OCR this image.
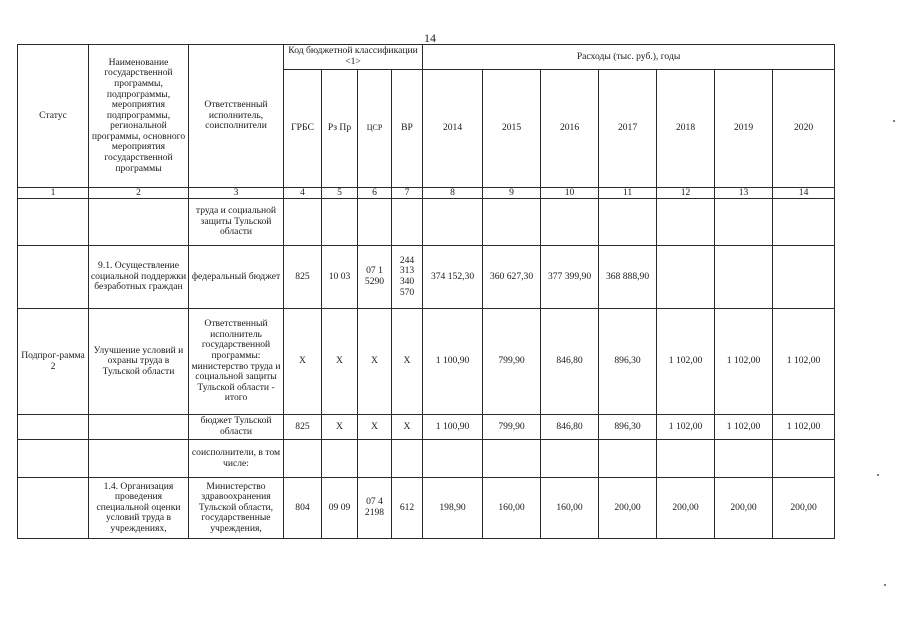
14
Статус	Наименование государственной программы, подпрограммы, мероприятия подпрограммы, региональной программы, основного мероприятия государственной программы	Ответственный исполнитель, соисполнители	Код бюджетной классификации <1>				Расходы (тыс. руб.), годы						
			ГРБС	Рз Пр	ЦСР	ВР	2014	2015	2016	2017	2018	2019	2020
1	2	3	4	5	6	7	8	9	10	11	12	13	14
		труда и социальной защиты Тульской области											
	9.1. Осуществление социальной поддержки безработных граждан	федеральный бюджет	825	10 03	07 1 5290	244 313 340 570	374 152,30	360 627,30	377 399,90	368 888,90			
Подпрог-рамма 2	Улучшение условий и охраны труда в Тульской области	Ответственный исполнитель государственной программы: министерство труда и социальной защиты Тульской области - итого	X	X	X	X	1 100,90	799,90	846,80	896,30	1 102,00	1 102,00	1 102,00
		бюджет Тульской области	825	X	X	X	1 100,90	799,90	846,80	896,30	1 102,00	1 102,00	1 102,00
		соисполнители, в том числе:											
	1.4. Организация проведения специальной оценки условий труда в учреждениях,	Министерство здравоохранения Тульской области, государственные учреждения,	804	09 09	07 4 2198	612	198,90	160,00	160,00	200,00	200,00	200,00	200,00
